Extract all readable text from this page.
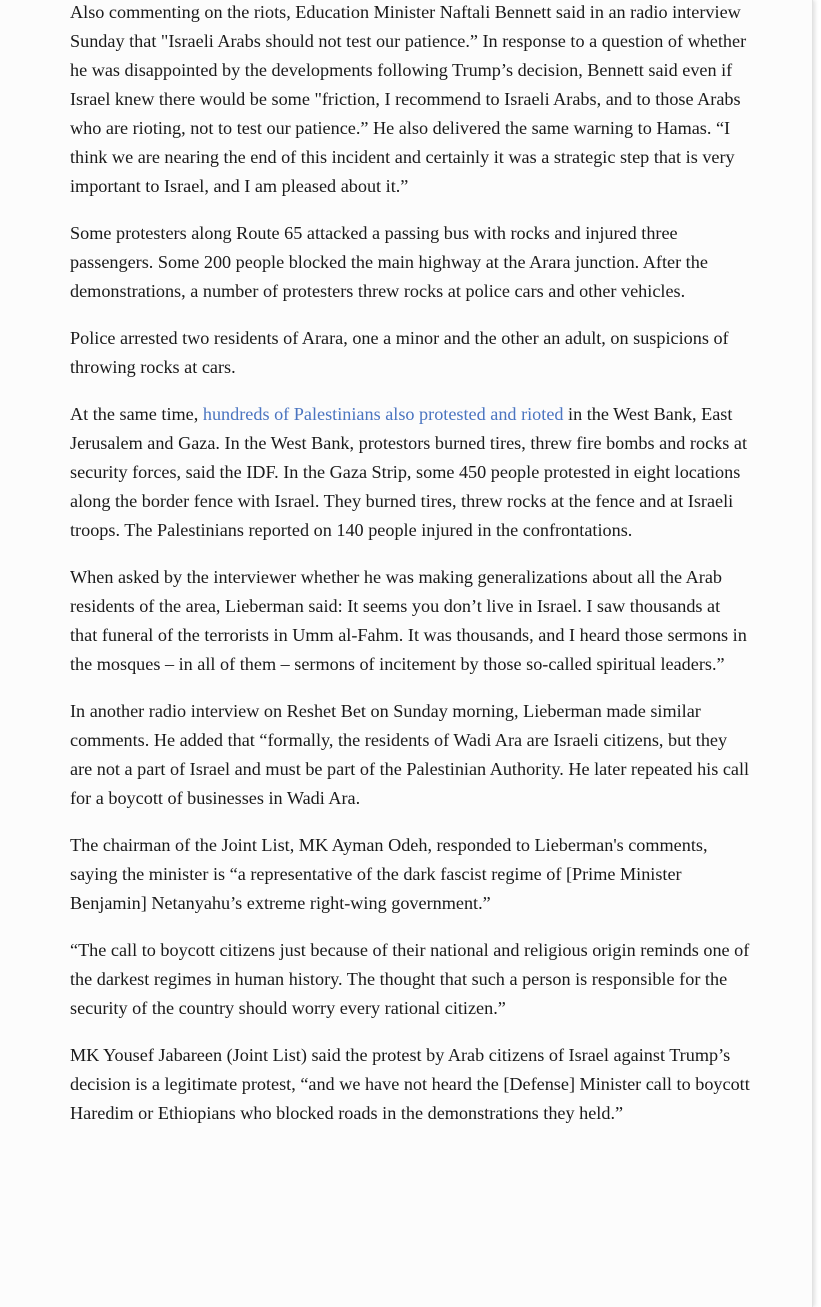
Also commenting on the riots, Education Minister Naftali Bennett said in an radio interview Sunday that "Israeli Arabs should not test our patience.” In response to a question of whether he was disappointed by the developments following Trump’s decision, Bennett said even if Israel knew there would be some "friction, I recommend to Israeli Arabs, and to those Arabs who are rioting, not to test our patience.” He also delivered the same warning to Hamas. “I think we are nearing the end of this incident and certainly it was a strategic step that is very important to Israel, and I am pleased about it.”

Some protesters along Route 65 attacked a passing bus with rocks and injured three passengers. Some 200 people blocked the main highway at the Arara junction. After the demonstrations, a number of protesters threw rocks at police cars and other vehicles.

Police arrested two residents of Arara, one a minor and the other an adult, on suspicions of throwing rocks at cars.

At the same time, hundreds of Palestinians also protested and rioted in the West Bank, East Jerusalem and Gaza. In the West Bank, protestors burned tires, threw fire bombs and rocks at security forces, said the IDF. In the Gaza Strip, some 450 people protested in eight locations along the border fence with Israel. They burned tires, threw rocks at the fence and at Israeli troops. The Palestinians reported on 140 people injured in the confrontations.

When asked by the interviewer whether he was making generalizations about all the Arab residents of the area, Lieberman said: It seems you don’t live in Israel. I saw thousands at that funeral of the terrorists in Umm al-Fahm. It was thousands, and I heard those sermons in the mosques – in all of them – sermons of incitement by those so-called spiritual leaders.”

In another radio interview on Reshet Bet on Sunday morning, Lieberman made similar comments. He added that “formally, the residents of Wadi Ara are Israeli citizens, but they are not a part of Israel and must be part of the Palestinian Authority. He later repeated his call for a boycott of businesses in Wadi Ara.

The chairman of the Joint List, MK Ayman Odeh, responded to Lieberman's comments, saying the minister is “a representative of the dark fascist regime of [Prime Minister Benjamin] Netanyahu’s extreme right-wing government.”

“The call to boycott citizens just because of their national and religious origin reminds one of the darkest regimes in human history. The thought that such a person is responsible for the security of the country should worry every rational citizen.”

MK Yousef Jabareen (Joint List) said the protest by Arab citizens of Israel against Trump’s decision is a legitimate protest, “and we have not heard the [Defense] Minister call to boycott Haredim or Ethiopians who blocked roads in the demonstrations they held.”
